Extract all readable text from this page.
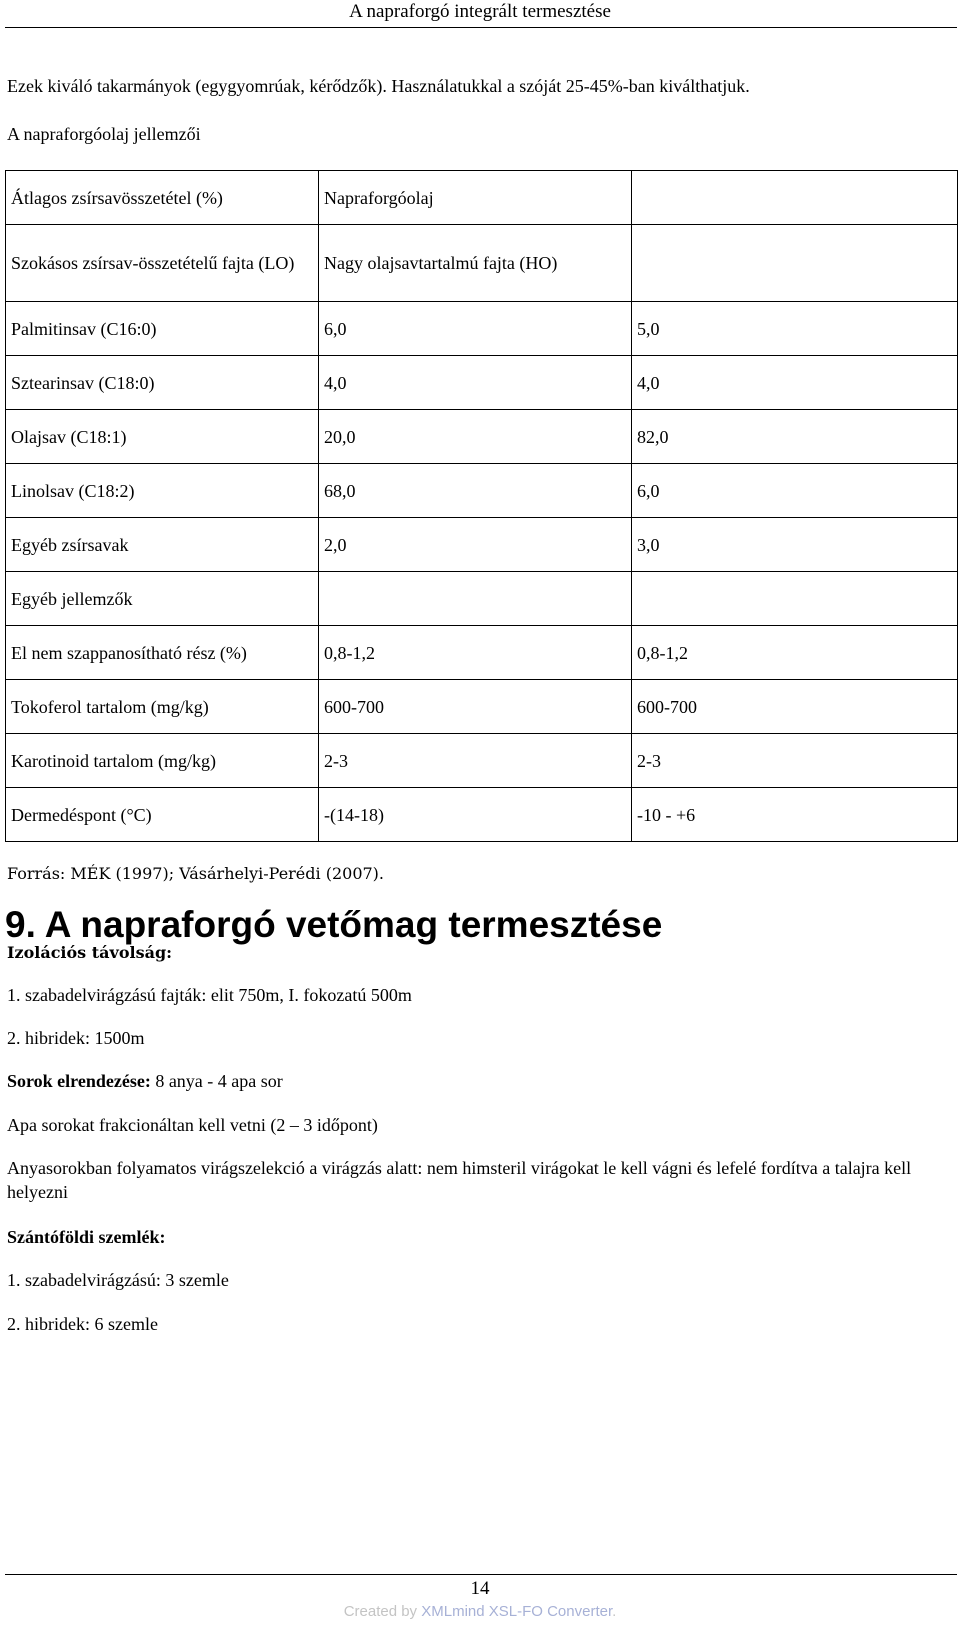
A napraforgó integrált termesztése
Ezek kiváló takarmányok (egygyomrúak, kérődzők). Használatukkal a szóját 25-45%-ban kiválthatjuk.
A napraforgóolaj jellemzői
Átlagos zsírsavösszetétel (%)	Napraforgóolaj	
Szokásos zsírsav-összetételű fajta (LO)	Nagy olajsavtartalmú fajta (HO)	
Palmitinsav (C16:0)	6,0	5,0
Sztearinsav (C18:0)	4,0	4,0
Olajsav (C18:1)	20,0	82,0
Linolsav (C18:2)	68,0	6,0
Egyéb zsírsavak	2,0	3,0
Egyéb jellemzők		
El nem szappanosítható rész (%)	0,8-1,2	0,8-1,2
Tokoferol tartalom (mg/kg)	600-700	600-700
Karotinoid tartalom (mg/kg)	2-3	2-3
Dermedéspont (°C)	-(14-18)	-10 - +6
Forrás: MÉK (1997); Vásárhelyi-Perédi (2007).
9. A napraforgó vetőmag termesztése

Izolációs távolság:

1. szabadelvirágzású fajták: elit 750m, I. fokozatú 500m

2. hibridek: 1500m

Sorok elrendezése: 8 anya - 4 apa sor

Apa sorokat frakcionáltan kell vetni (2 – 3 időpont)

Anyasorokban folyamatos virágszelekció a virágzás alatt: nem himsteril virágokat le kell vágni és lefelé fordítva a talajra kell helyezni

Szántóföldi szemlék:

1. szabadelvirágzású: 3 szemle

2. hibridek: 6 szemle

14
Created by XMLmind XSL-FO Converter.
